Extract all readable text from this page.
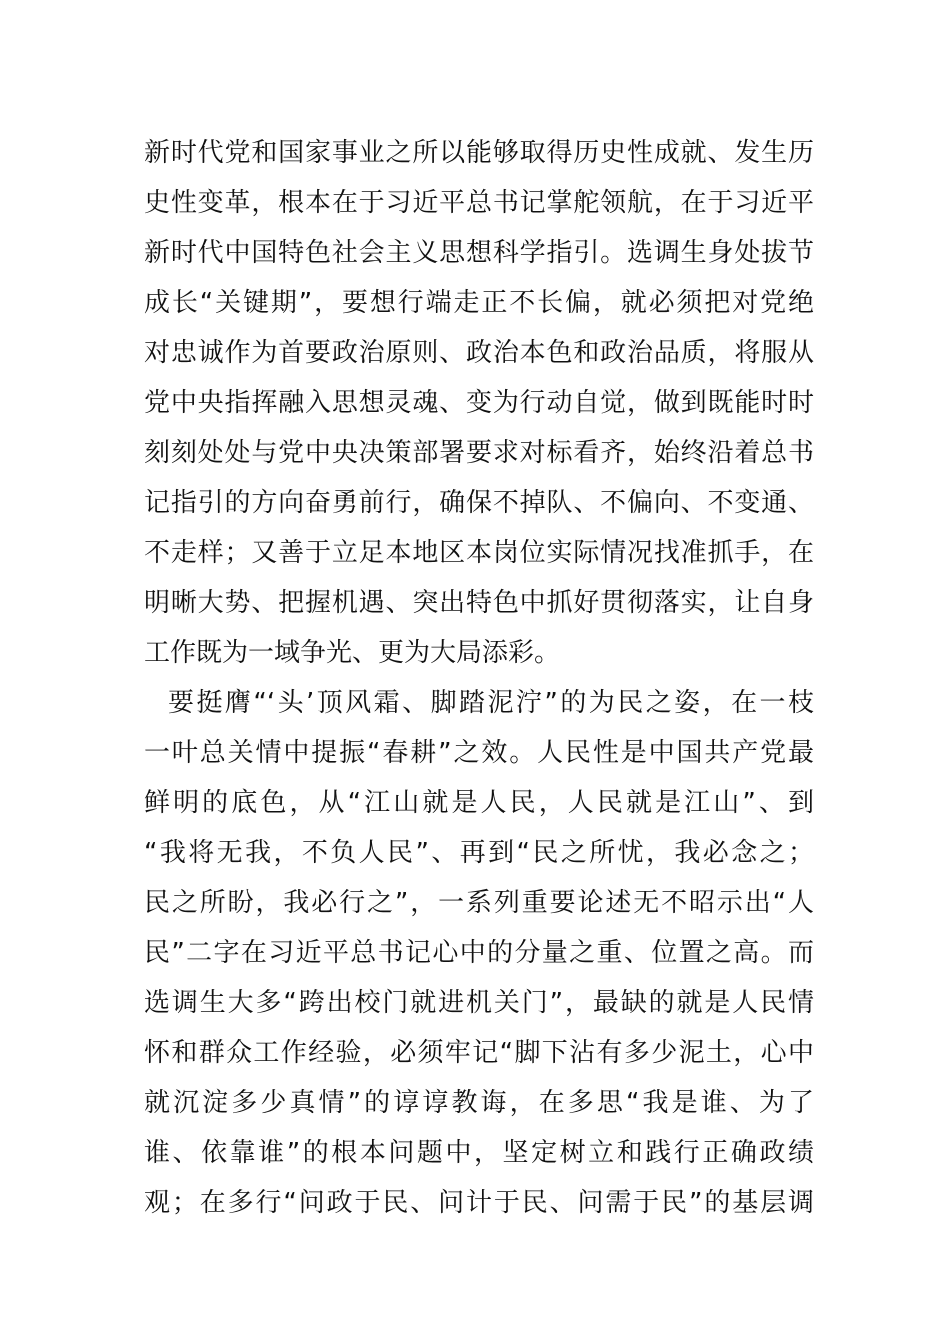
新时代党和国家事业之所以能够取得历史性成就、发生历
史性变革，根本在于习近平总书记掌舵领航，在于习近平
新时代中国特色社会主义思想科学指引。选调生身处拔节
成长“关键期”，要想行端走正不长偏，就必须把对党绝
对忠诚作为首要政治原则、政治本色和政治品质，将服从
党中央指挥融入思想灵魂、变为行动自觉，做到既能时时
刻刻处处与党中央决策部署要求对标看齐，始终沿着总书
记指引的方向奋勇前行，确保不掉队、不偏向、不变通、
不走样；又善于立足本地区本岗位实际情况找准抓手，在
明晰大势、把握机遇、突出特色中抓好贯彻落实，让自身
工作既为一域争光、更为大局添彩。
要挺膺“‘头’顶风霜、脚踏泥泞”的为民之姿，在一枝
一叶总关情中提振“春耕”之效。人民性是中国共产党最
鲜明的底色，从“江山就是人民，人民就是江山”、到
“我将无我，不负人民”、再到“民之所忧，我必念之；
民之所盼，我必行之”，一系列重要论述无不昭示出“人
民”二字在习近平总书记心中的分量之重、位置之高。而
选调生大多“跨出校门就进机关门”，最缺的就是人民情
怀和群众工作经验，必须牢记“脚下沾有多少泥土，心中
就沉淀多少真情”的谆谆教诲，在多思“我是谁、为了
谁、依靠谁”的根本问题中，坚定树立和践行正确政绩
观；在多行“问政于民、问计于民、问需于民”的基层调
